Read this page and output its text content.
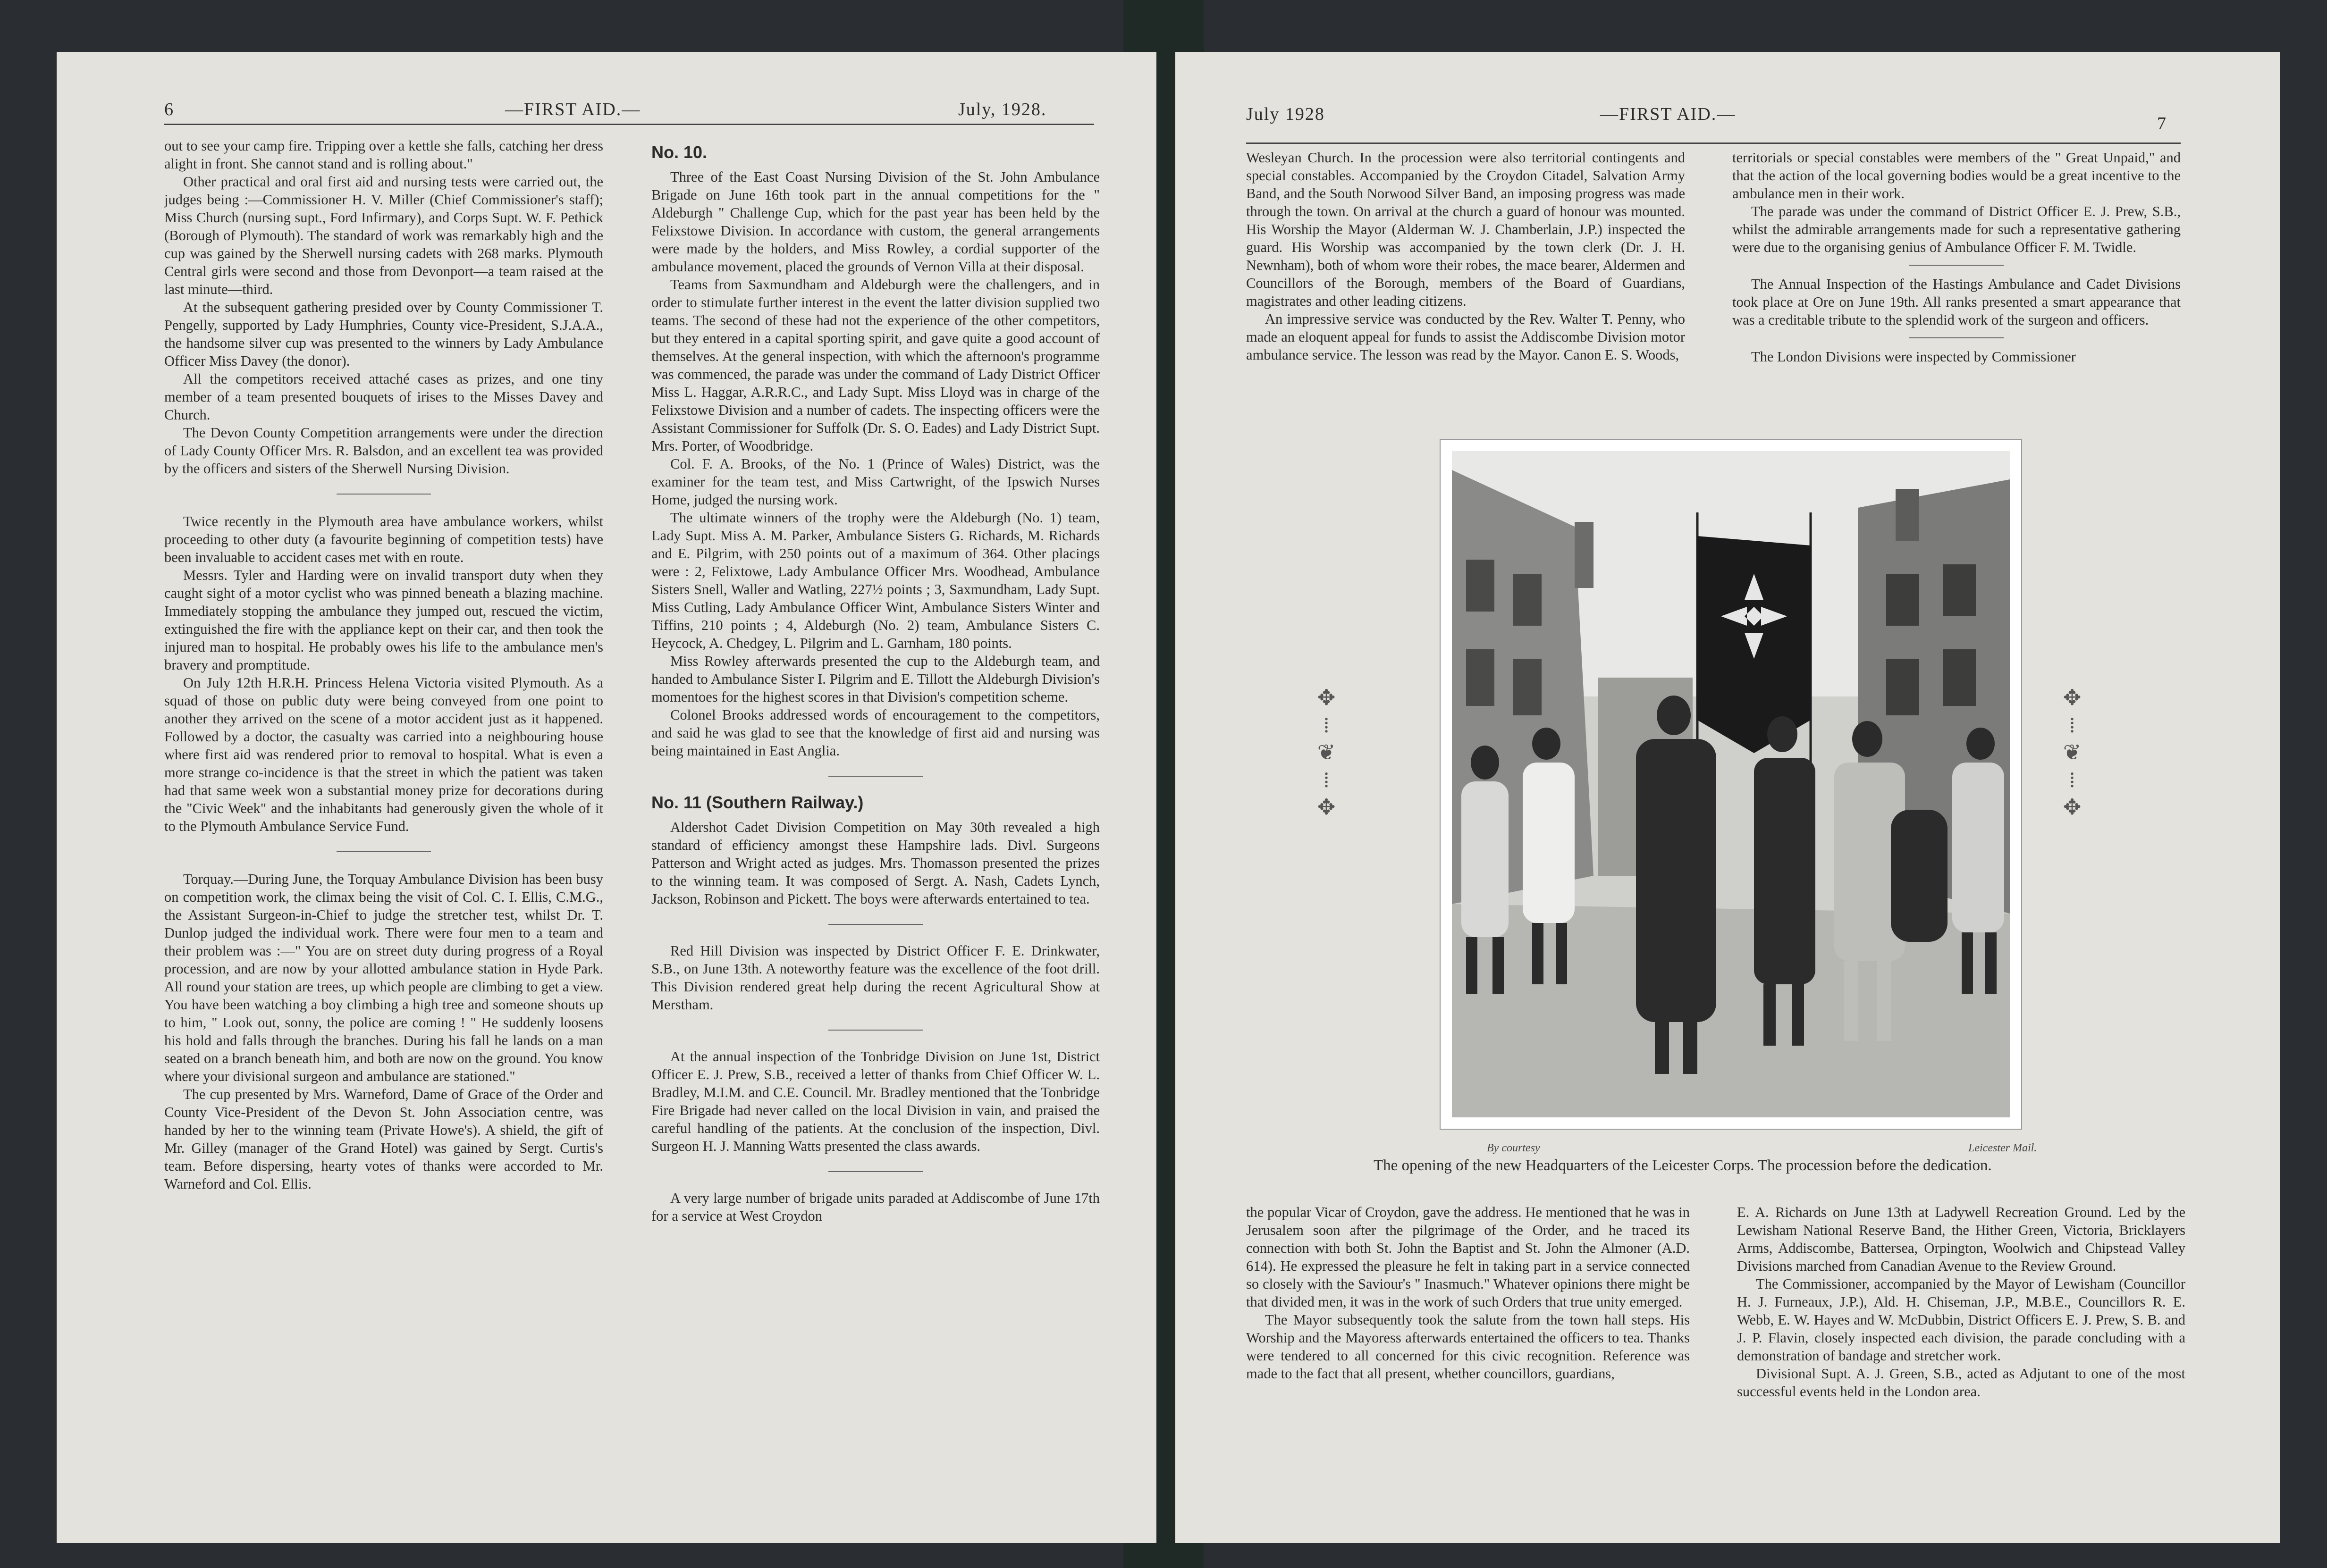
6	—FIRST AID.—	July, 1928.

out to see your camp fire. Tripping over a kettle she falls, catching her dress alight in front. She cannot stand and is rolling about."

Other practical and oral first aid and nursing tests were carried out, the judges being :—Commissioner H. V. Miller (Chief Commissioner's staff); Miss Church (nursing supt., Ford Infirmary), and Corps Supt. W. F. Pethick (Borough of Plymouth). The standard of work was remarkably high and the cup was gained by the Sherwell nursing cadets with 268 marks. Plymouth Central girls were second and those from Devonport—a team raised at the last minute—third.

At the subsequent gathering presided over by County Commissioner T. Pengelly, supported by Lady Humphries, County vice-President, S.J.A.A., the handsome silver cup was presented to the winners by Lady Ambulance Officer Miss Davey (the donor).

All the competitors received attaché cases as prizes, and one tiny member of a team presented bouquets of irises to the Misses Davey and Church.

The Devon County Competition arrangements were under the direction of Lady County Officer Mrs. R. Balsdon, and an excellent tea was provided by the officers and sisters of the Sherwell Nursing Division.

Twice recently in the Plymouth area have ambulance workers, whilst proceeding to other duty (a favourite beginning of competition tests) have been invaluable to accident cases met with en route.

Messrs. Tyler and Harding were on invalid transport duty when they caught sight of a motor cyclist who was pinned beneath a blazing machine. Immediately stopping the ambulance they jumped out, rescued the victim, extinguished the fire with the appliance kept on their car, and then took the injured man to hospital. He probably owes his life to the ambulance men's bravery and promptitude.

On July 12th H.R.H. Princess Helena Victoria visited Plymouth. As a squad of those on public duty were being conveyed from one point to another they arrived on the scene of a motor accident just as it happened. Followed by a doctor, the casualty was carried into a neighbouring house where first aid was rendered prior to removal to hospital. What is even a more strange co-incidence is that the street in which the patient was taken had that same week won a substantial money prize for decorations during the "Civic Week" and the inhabitants had generously given the whole of it to the Plymouth Ambulance Service Fund.

Torquay.—During June, the Torquay Ambulance Division has been busy on competition work, the climax being the visit of Col. C. I. Ellis, C.M.G., the Assistant Surgeon-in-Chief to judge the stretcher test, whilst Dr. T. Dunlop judged the individual work. There were four men to a team and their problem was :—" You are on street duty during progress of a Royal procession, and are now by your allotted ambulance station in Hyde Park. All round your station are trees, up which people are climbing to get a view. You have been watching a boy climbing a high tree and someone shouts up to him, " Look out, sonny, the police are coming ! " He suddenly loosens his hold and falls through the branches. During his fall he lands on a man seated on a branch beneath him, and both are now on the ground. You know where your divisional surgeon and ambulance are stationed."

The cup presented by Mrs. Warneford, Dame of Grace of the Order and County Vice-President of the Devon St. John Association centre, was handed by her to the winning team (Private Howe's). A shield, the gift of Mr. Gilley (manager of the Grand Hotel) was gained by Sergt. Curtis's team. Before dispersing, hearty votes of thanks were accorded to Mr. Warneford and Col. Ellis.

No. 10.

Three of the East Coast Nursing Division of the St. John Ambulance Brigade on June 16th took part in the annual competitions for the " Aldeburgh " Challenge Cup, which for the past year has been held by the Felixstowe Division. In accordance with custom, the general arrangements were made by the holders, and Miss Rowley, a cordial supporter of the ambulance movement, placed the grounds of Vernon Villa at their disposal.

Teams from Saxmundham and Aldeburgh were the challengers, and in order to stimulate further interest in the event the latter division supplied two teams. The second of these had not the experience of the other competitors, but they entered in a capital sporting spirit, and gave quite a good account of themselves. At the general inspection, with which the afternoon's programme was commenced, the parade was under the command of Lady District Officer Miss L. Haggar, A.R.R.C., and Lady Supt. Miss Lloyd was in charge of the Felixstowe Division and a number of cadets. The inspecting officers were the Assistant Commissioner for Suffolk (Dr. S. O. Eades) and Lady District Supt. Mrs. Porter, of Woodbridge.

Col. F. A. Brooks, of the No. 1 (Prince of Wales) District, was the examiner for the team test, and Miss Cartwright, of the Ipswich Nurses Home, judged the nursing work.

The ultimate winners of the trophy were the Aldeburgh (No. 1) team, Lady Supt. Miss A. M. Parker, Ambulance Sisters G. Richards, M. Richards and E. Pilgrim, with 250 points out of a maximum of 364. Other placings were : 2, Felixtowe, Lady Ambulance Officer Mrs. Woodhead, Ambulance Sisters Snell, Waller and Watling, 227½ points ; 3, Saxmundham, Lady Supt. Miss Cutling, Lady Ambulance Officer Wint, Ambulance Sisters Winter and Tiffins, 210 points ; 4, Aldeburgh (No. 2) team, Ambulance Sisters C. Heycock, A. Chedgey, L. Pilgrim and L. Garnham, 180 points.

Miss Rowley afterwards presented the cup to the Aldeburgh team, and handed to Ambulance Sister I. Pilgrim and E. Tillott the Aldeburgh Division's momentoes for the highest scores in that Division's competition scheme.

Colonel Brooks addressed words of encouragement to the competitors, and said he was glad to see that the knowledge of first aid and nursing was being maintained in East Anglia.

No. 11 (Southern Railway.)

Aldershot Cadet Division Competition on May 30th revealed a high standard of efficiency amongst these Hampshire lads. Divl. Surgeons Patterson and Wright acted as judges. Mrs. Thomasson presented the prizes to the winning team. It was composed of Sergt. A. Nash, Cadets Lynch, Jackson, Robinson and Pickett. The boys were afterwards entertained to tea.

Red Hill Division was inspected by District Officer F. E. Drinkwater, S.B., on June 13th. A noteworthy feature was the excellence of the foot drill. This Division rendered great help during the recent Agricultural Show at Merstham.

At the annual inspection of the Tonbridge Division on June 1st, District Officer E. J. Prew, S.B., received a letter of thanks from Chief Officer W. L. Bradley, M.I.M. and C.E. Council. Mr. Bradley mentioned that the Tonbridge Fire Brigade had never called on the local Division in vain, and praised the careful handling of the patients. At the conclusion of the inspection, Divl. Surgeon H. J. Manning Watts presented the class awards.

A very large number of brigade units paraded at Addiscombe of June 17th for a service at West Croydon

July 1928	—FIRST AID.—	7

Wesleyan Church. In the procession were also territorial contingents and special constables. Accompanied by the Croydon Citadel, Salvation Army Band, and the South Norwood Silver Band, an imposing progress was made through the town. On arrival at the church a guard of honour was mounted. His Worship the Mayor (Alderman W. J. Chamberlain, J.P.) inspected the guard. His Worship was accompanied by the town clerk (Dr. J. H. Newnham), both of whom wore their robes, the mace bearer, Aldermen and Councillors of the Borough, members of the Board of Guardians, magistrates and other leading citizens.

An impressive service was conducted by the Rev. Walter T. Penny, who made an eloquent appeal for funds to assist the Addiscombe Division motor ambulance service. The lesson was read by the Mayor. Canon E. S. Woods,

territorials or special constables were members of the " Great Unpaid," and that the action of the local governing bodies would be a great incentive to the ambulance men in their work.

The parade was under the command of District Officer E. J. Prew, S.B., whilst the admirable arrangements made for such a representative gathering were due to the organising genius of Ambulance Officer F. M. Twidle.

The Annual Inspection of the Hastings Ambulance and Cadet Divisions took place at Ore on June 19th. All ranks presented a smart appearance that was a creditable tribute to the splendid work of the surgeon and officers.

The London Divisions were inspected by Commissioner

✥
⁞
❦
⁞
✥
✥
⁞
❦
⁞
✥
By courtesy	Leicester Mail.
The opening of the new Headquarters of the Leicester Corps. The procession before the dedication.

the popular Vicar of Croydon, gave the address. He mentioned that he was in Jerusalem soon after the pilgrimage of the Order, and he traced its connection with both St. John the Baptist and St. John the Almoner (A.D. 614). He expressed the pleasure he felt in taking part in a service connected so closely with the Saviour's " Inasmuch." Whatever opinions there might be that divided men, it was in the work of such Orders that true unity emerged.

The Mayor subsequently took the salute from the town hall steps. His Worship and the Mayoress afterwards entertained the officers to tea. Thanks were tendered to all concerned for this civic recognition. Reference was made to the fact that all present, whether councillors, guardians,

E. A. Richards on June 13th at Ladywell Recreation Ground. Led by the Lewisham National Reserve Band, the Hither Green, Victoria, Bricklayers Arms, Addiscombe, Battersea, Orpington, Woolwich and Chipstead Valley Divisions marched from Canadian Avenue to the Review Ground.

The Commissioner, accompanied by the Mayor of Lewisham (Councillor H. J. Furneaux, J.P.), Ald. H. Chiseman, J.P., M.B.E., Councillors R. E. Webb, E. W. Hayes and W. McDubbin, District Officers E. J. Prew, S. B. and J. P. Flavin, closely inspected each division, the parade concluding with a demonstration of bandage and stretcher work.

Divisional Supt. A. J. Green, S.B., acted as Adjutant to one of the most successful events held in the London area.
